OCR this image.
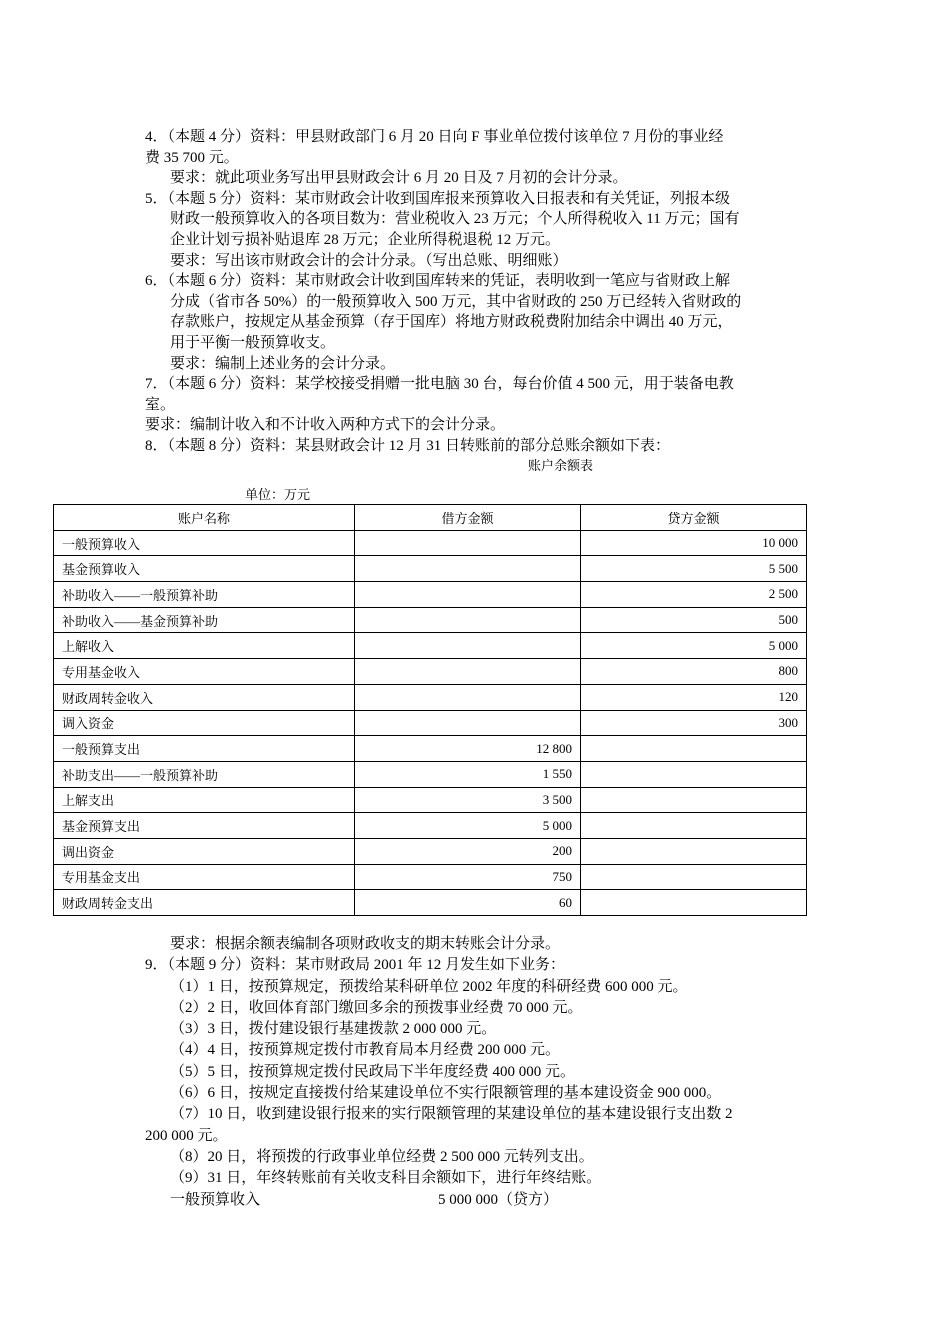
4．（本题 4 分）资料：甲县财政部门 6 月 20 日向 F 事业单位拨付该单位 7 月份的事业经
费 35 700 元。
要求：就此项业务写出甲县财政会计 6 月 20 日及 7 月初的会计分录。
5．（本题 5 分）资料：某市财政会计收到国库报来预算收入日报表和有关凭证，列报本级
财政一般预算收入的各项目数为：营业税收入 23 万元；个人所得税收入 11 万元；国有
企业计划亏损补贴退库 28 万元；企业所得税退税 12 万元。
要求：写出该市财政会计的会计分录。（写出总账、明细账）
6．（本题 6 分）资料：某市财政会计收到国库转来的凭证，表明收到一笔应与省财政上解
分成（省市各 50%）的一般预算收入 500 万元，其中省财政的 250 万已经转入省财政的
存款账户，按规定从基金预算（存于国库）将地方财政税费附加结余中调出 40 万元，
用于平衡一般预算收支。
要求：编制上述业务的会计分录。
7．（本题 6 分）资料：某学校接受捐赠一批电脑 30 台，每台价值 4 500 元，用于装备电教
室。
要求：编制计收入和不计收入两种方式下的会计分录。
8．（本题 8 分）资料：某县财政会计 12 月 31 日转账前的部分总账余额如下表：
账户余额表
单位：万元
账户名称	借方金额	贷方金额
一般预算收入		10 000
基金预算收入		5 500
补助收入——一般预算补助		2 500
补助收入——基金预算补助		500
上解收入		5 000
专用基金收入		800
财政周转金收入		120
调入资金		300
一般预算支出	12 800	
补助支出——一般预算补助	1 550	
上解支出	3 500	
基金预算支出	5 000	
调出资金	200	
专用基金支出	750	
财政周转金支出	60	
要求：根据余额表编制各项财政收支的期末转账会计分录。
9．（本题 9 分）资料：某市财政局 2001 年 12 月发生如下业务：
（1）1 日，按预算规定，预拨给某科研单位 2002 年度的科研经费 600 000 元。
（2）2 日，收回体育部门缴回多余的预拨事业经费 70 000 元。
（3）3 日，拨付建设银行基建拨款 2 000 000 元。
（4）4 日，按预算规定拨付市教育局本月经费 200 000 元。
（5）5 日，按预算规定拨付民政局下半年度经费 400 000 元。
（6）6 日，按规定直接拨付给某建设单位不实行限额管理的基本建设资金 900 000。
（7）10 日，收到建设银行报来的实行限额管理的某建设单位的基本建设银行支出数 2
200 000 元。
（8）20 日，将预拨的行政事业单位经费 2 500 000 元转列支出。
（9）31 日，年终转账前有关收支科目余额如下，进行年终结账。
一般预算收入	5 000 000（贷方）
